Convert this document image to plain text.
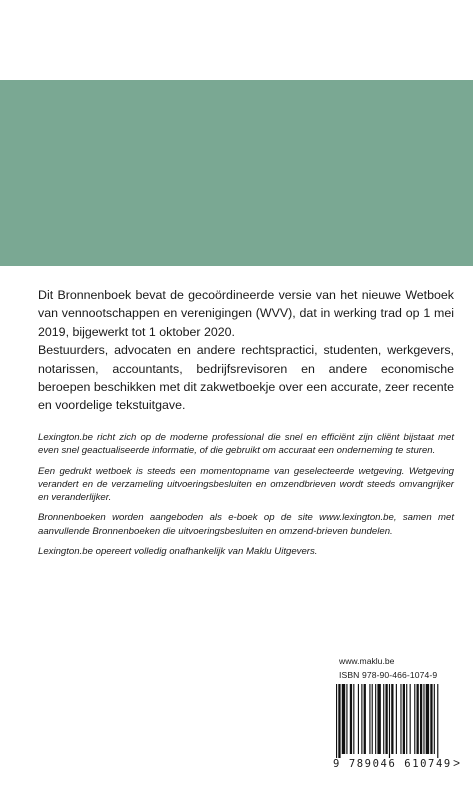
Dit Bronnenboek bevat de gecoördineerde versie van het nieuwe Wetboek van vennootschappen en verenigingen (WVV), dat in werking trad op 1 mei 2019, bijgewerkt tot 1 oktober 2020.

Bestuurders, advocaten en andere rechtspractici, studenten, werkgevers, notarissen, accountants, bedrijfsrevisoren en andere economische beroepen beschikken met dit zakwetboekje over een accurate, zeer recente en voordelige tekstuitgave.

Lexington.be richt zich op de moderne professional die snel en efficiënt zijn cliënt bijstaat met even snel geactualiseerde informatie, of die gebruikt om accuraat een onderneming te sturen.

Een gedrukt wetboek is steeds een momentopname van geselecteerde wetgeving. Wetgeving verandert en de verzameling uitvoeringsbesluiten en omzendbrieven wordt steeds omvangrijker en veranderlijker.

Bronnenboeken worden aangeboden als e-boek op de site www.lexington.be, samen met aanvullende Bronnenboeken die uitvoeringsbesluiten en omzend-brieven bundelen.

Lexington.be opereert volledig onafhankelijk van Maklu Uitgevers.

www.maklu.be
ISBN 978-90-466-1074-9
9 789046 610749 >
